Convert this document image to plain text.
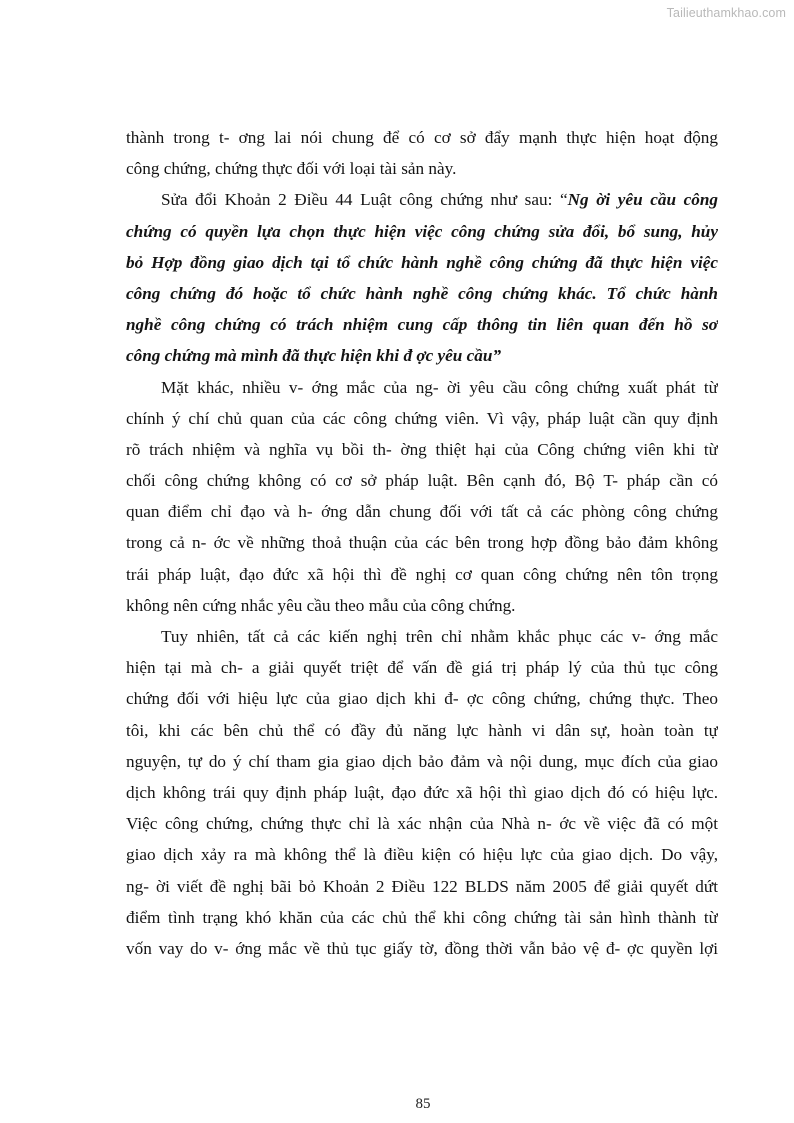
Tailieuthamkhao.com
thành trong t- ơng lai nói chung để có cơ sở đẩy mạnh thực hiện hoạt động
công chứng, chứng thực đối với loại tài sản này.
Sửa đổi Khoản 2 Điều 44 Luật công chứng như sau: “Ng ời yêu cầu công
chứng có quyền lựa chọn thực hiện việc công chứng sửa đổi, bổ sung, hủy
bỏ Hợp đồng giao dịch tại tổ chức hành nghề công chứng đã thực hiện việc
công chứng đó hoặc tổ chức hành nghề công chứng khác. Tổ chức hành
nghề công chứng có trách nhiệm cung cấp thông tin liên quan đến hồ sơ
công chứng mà mình đã thực hiện khi đ ợc yêu cầu”
Mặt khác, nhiều v- ớng mắc của ng- ời yêu cầu công chứng xuất phát từ
chính ý chí chủ quan của các công chứng viên. Vì vậy, pháp luật cần quy định
rõ trách nhiệm và nghĩa vụ bồi th- ờng thiệt hại của Công chứng viên khi từ
chối công chứng không có cơ sở pháp luật. Bên cạnh đó, Bộ T- pháp cần có
quan điểm chỉ đạo và h- ớng dẫn chung đối với tất cả các phòng công chứng
trong cả n- ớc về những thoả thuận của các bên trong hợp đồng bảo đảm không
trái pháp luật, đạo đức xã hội thì đề nghị cơ quan công chứng nên tôn trọng
không nên cứng nhắc yêu cầu theo mẫu của công chứng.
Tuy nhiên, tất cả các kiến nghị trên chỉ nhằm khắc phục các v- ớng mắc
hiện tại mà ch- a giải quyết triệt để vấn đề giá trị pháp lý của thủ tục công
chứng đối với hiệu lực của giao dịch khi đ- ợc công chứng, chứng thực. Theo
tôi, khi các bên chủ thể có đầy đủ năng lực hành vi dân sự, hoàn toàn tự
nguyện, tự do ý chí tham gia giao dịch bảo đảm và nội dung, mục đích của giao
dịch không trái quy định pháp luật, đạo đức xã hội thì giao dịch đó có hiệu lực.
Việc công chứng, chứng thực chỉ là xác nhận của Nhà n- ớc về việc đã có một
giao dịch xảy ra mà không thể là điều kiện có hiệu lực của giao dịch. Do vậy,
ng- ời viết đề nghị bãi bỏ Khoản 2 Điều 122 BLDS năm 2005 để giải quyết dứt
điểm tình trạng khó khăn của các chủ thể khi công chứng tài sản hình thành từ
vốn vay do v- ớng mắc về thủ tục giấy tờ, đồng thời vẫn bảo vệ đ- ợc quyền lợi
85
